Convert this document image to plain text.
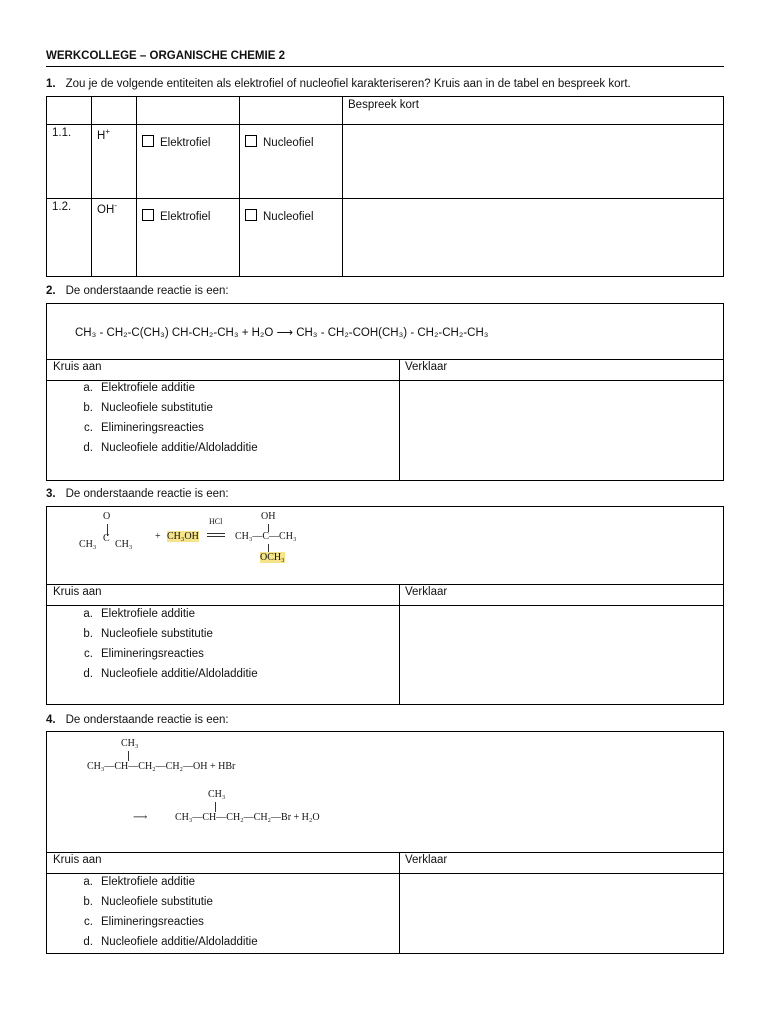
WERKCOLLEGE – ORGANISCHE CHEMIE 2
1. Zou je de volgende entiteiten als elektrofiel of nucleofiel karakteriseren? Kruis aan in de tabel en bespreek kort.
				Bespreek kort
1.1.	H+	Elektrofiel	Nucleofiel	
1.2.	OH-	Elektrofiel	Nucleofiel	
2. De onderstaande reactie is een:
CH₃ - CH₂-C(CH₃) CH-CH₂-CH₃ + H₂O ⟶ CH₃ - CH₂-COH(CH₃) - CH₂-CH₂-CH₃
Kruis aan	Verklaar
a. Elektrofiele additie
b. Nucleofiele substitutie
c. Elimineringsreacties
d. Nucleofiele additie/Aldoladditie
3. De onderstaande reactie is een:
O
CH₃
C
CH₃
+ CH₃OH
HCl	OH
CH₃—C—CH₃
OCH₃
Kruis aan	Verklaar
a. Elektrofiele additie
b. Nucleofiele substitutie
c. Elimineringsreacties
d. Nucleofiele additie/Aldoladditie
4. De onderstaande reactie is een:
CH₃
CH₃—CH—CH₂—CH₂—OH + HBr
CH₃
⟶	CH₃—CH—CH₂—CH₂—Br + H₂O
Kruis aan	Verklaar
a. Elektrofiele additie
b. Nucleofiele substitutie
c. Elimineringsreacties
d. Nucleofiele additie/Aldoladditie
